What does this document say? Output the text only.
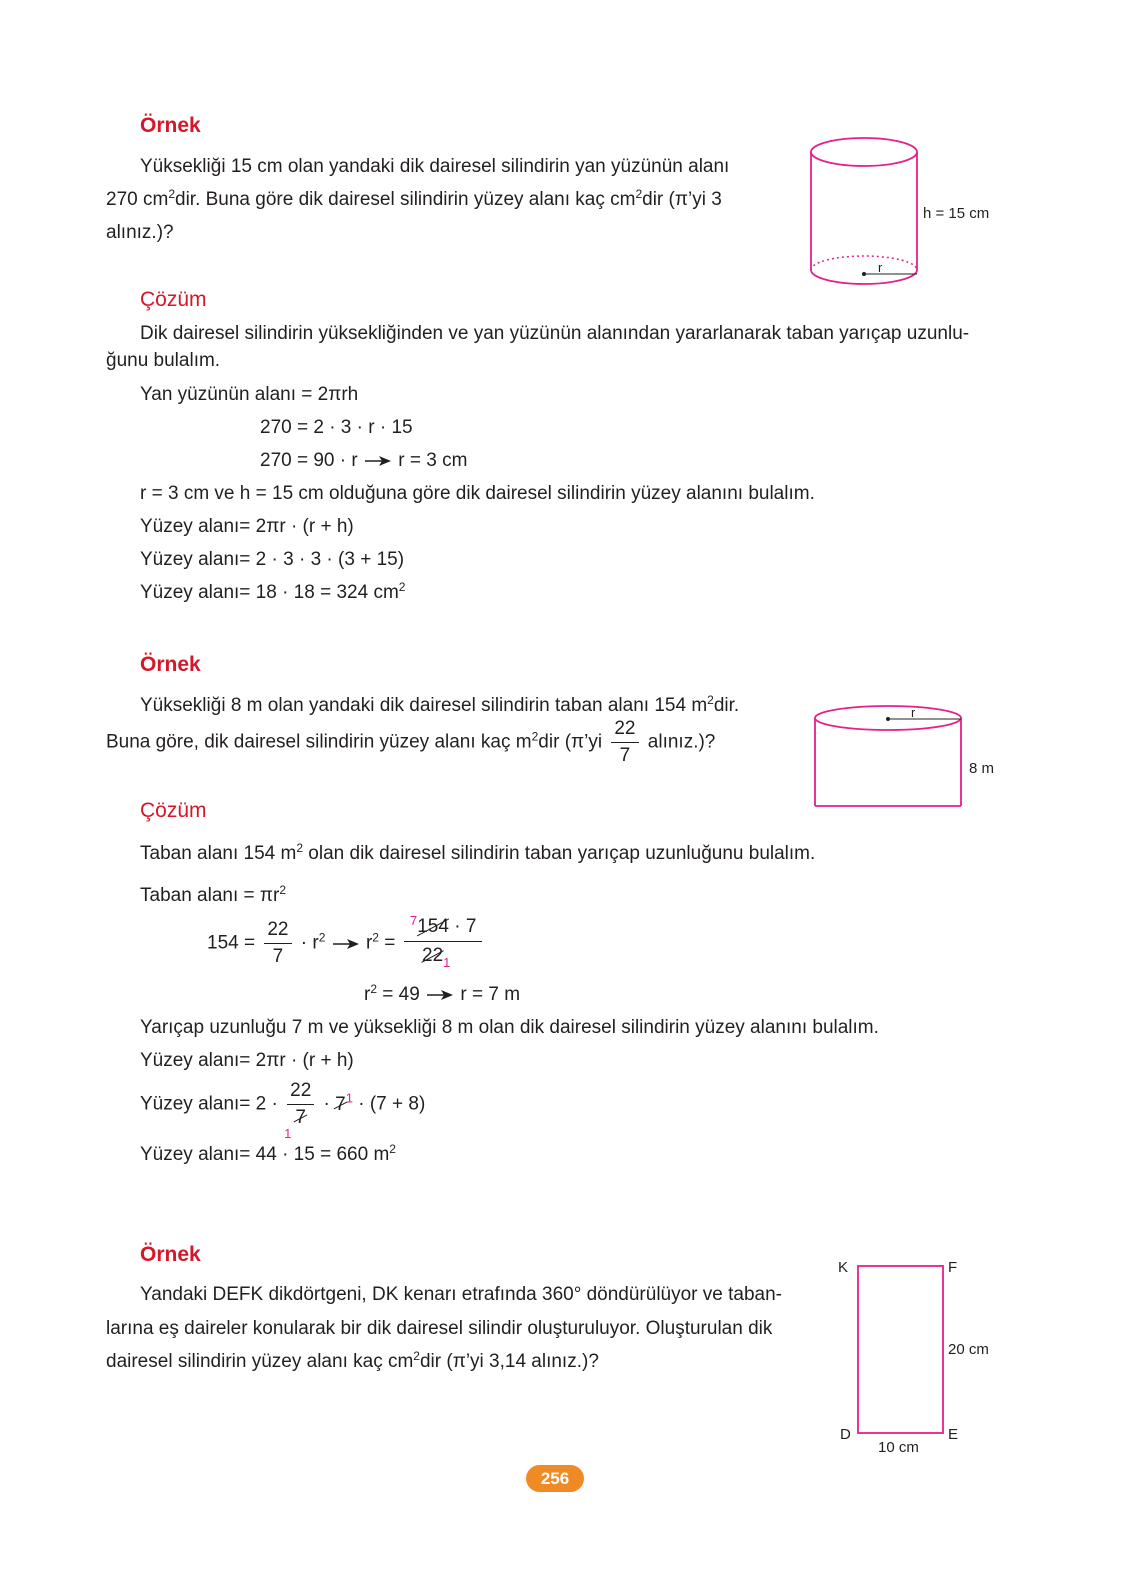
Örnek
Yüksekliği 15 cm olan yandaki dik dairesel silindirin yan yüzünün alanı
270 $cm^2dir$. Buna göre dik dairesel silindirin yüzey alanı kaç $cm^2dir$ (π’yi 3
alınız.)?
r
h = 15 cm
Çözüm
Dik dairesel silindirin yüksekliğinden ve yan yüzünün alanından yararlanarak taban yarıçap uzunlu-
ğunu bulalım.
Yan yüzünün alanı = 2πrh
270 = 2 · 3 · r · 15
270 = 90 · r r = 3 cm
r = 3 cm ve h = 15 cm olduğuna göre dik dairesel silindirin yüzey alanını bulalım.
Yüzey alanı= 2πr · (r + h)
Yüzey alanı= 2 · 3 · 3 · (3 + 15)
Yüzey alanı= 18 · 18 = 324 $cm^2$
Örnek
Yüksekliği 8 m olan yandaki dik dairesel silindirin taban alanı 154 $m^2dir$.
Buna göre, dik dairesel silindirin yüzey alanı kaç $m^2dir$ (π’yi $\frac{22}{7}$ alınız.)?
r
8 m
Çözüm
Taban alanı 154 $m^2$ olan dik dairesel silindirin taban yarıçap uzunluğunu bulalım.
Taban alanı = $\pi r^2$
$154 = \frac{22}{7} \cdot r^2$ $r^2$ =
$^7$154 · 7
$22_1$
$r^2 = 49$ r = 7 m
Yarıçap uzunluğu 7 m ve yüksekliği 8 m olan dik dairesel silindirin yüzey alanını bulalım.
Yüzey alanı= 2πr · (r + h)
Yüzey alanı= 2 ·
22
7
1
· $7^1 \cdot (7 + 8)$
Yüzey alanı= 44 · 15 = 660 $m^2$
Örnek
Yandaki DEFK dikdörtgeni, DK kenarı etrafında 360° döndürülüyor ve taban-
larına eş daireler konularak bir dik dairesel silindir oluşturuluyor. Oluşturulan dik
dairesel silindirin yüzey alanı kaç $cm^2dir$ (π’yi 3,14 alınız.)?
K	F
D	E
20 cm
10 cm
256
